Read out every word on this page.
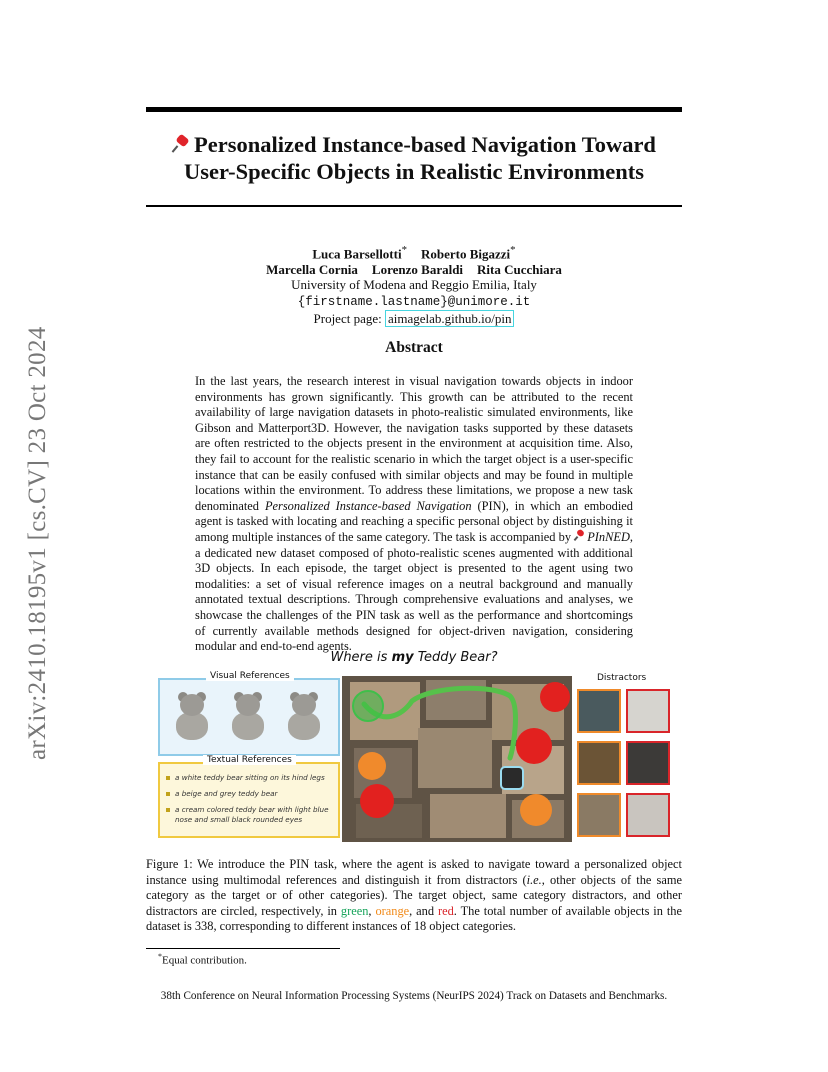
arXiv:2410.18195v1 [cs.CV] 23 Oct 2024
Personalized Instance-based Navigation Toward
User-Specific Objects in Realistic Environments
Luca Barsellotti* Roberto Bigazzi*
Marcella Cornia Lorenzo Baraldi Rita Cucchiara
University of Modena and Reggio Emilia, Italy
{firstname.lastname}@unimore.it
Project page: aimagelab.github.io/pin
Abstract
In the last years, the research interest in visual navigation towards objects in indoor environments has grown significantly. This growth can be attributed to the recent availability of large navigation datasets in photo-realistic simulated environments, like Gibson and Matterport3D. However, the navigation tasks supported by these datasets are often restricted to the objects present in the environment at acquisition time. Also, they fail to account for the realistic scenario in which the target object is a user-specific instance that can be easily confused with similar objects and may be found in multiple locations within the environment. To address these limitations, we propose a new task denominated Personalized Instance-based Navigation (PIN), in which an embodied agent is tasked with locating and reaching a specific personal object by distinguishing it among multiple instances of the same category. The task is accompanied by
PInNED, a dedicated new dataset composed of photo-realistic scenes augmented with additional 3D objects. In each episode, the target object is presented to the agent using two modalities: a set of visual reference images on a neutral background and manually annotated textual descriptions. Through comprehensive evaluations and analyses, we showcase the challenges of the PIN task as well as the performance and shortcomings of currently available methods designed for object-driven navigation, considering modular and end-to-end agents.
Where is my Teddy Bear?
Visual References
Textual References
a white teddy bear sitting on its hind legs
a beige and grey teddy bear
a cream colored teddy bear with light blue nose and small black rounded eyes
Distractors
Figure 1: We introduce the PIN task, where the agent is asked to navigate toward a personalized object instance using multimodal references and distinguish it from distractors (i.e., other objects of the same category as the target or of other categories). The target object, same category distractors, and other distractors are circled, respectively, in green, orange, and red. The total number of available objects in the dataset is 338, corresponding to different instances of 18 object categories.
*Equal contribution.
38th Conference on Neural Information Processing Systems (NeurIPS 2024) Track on Datasets and Benchmarks.
